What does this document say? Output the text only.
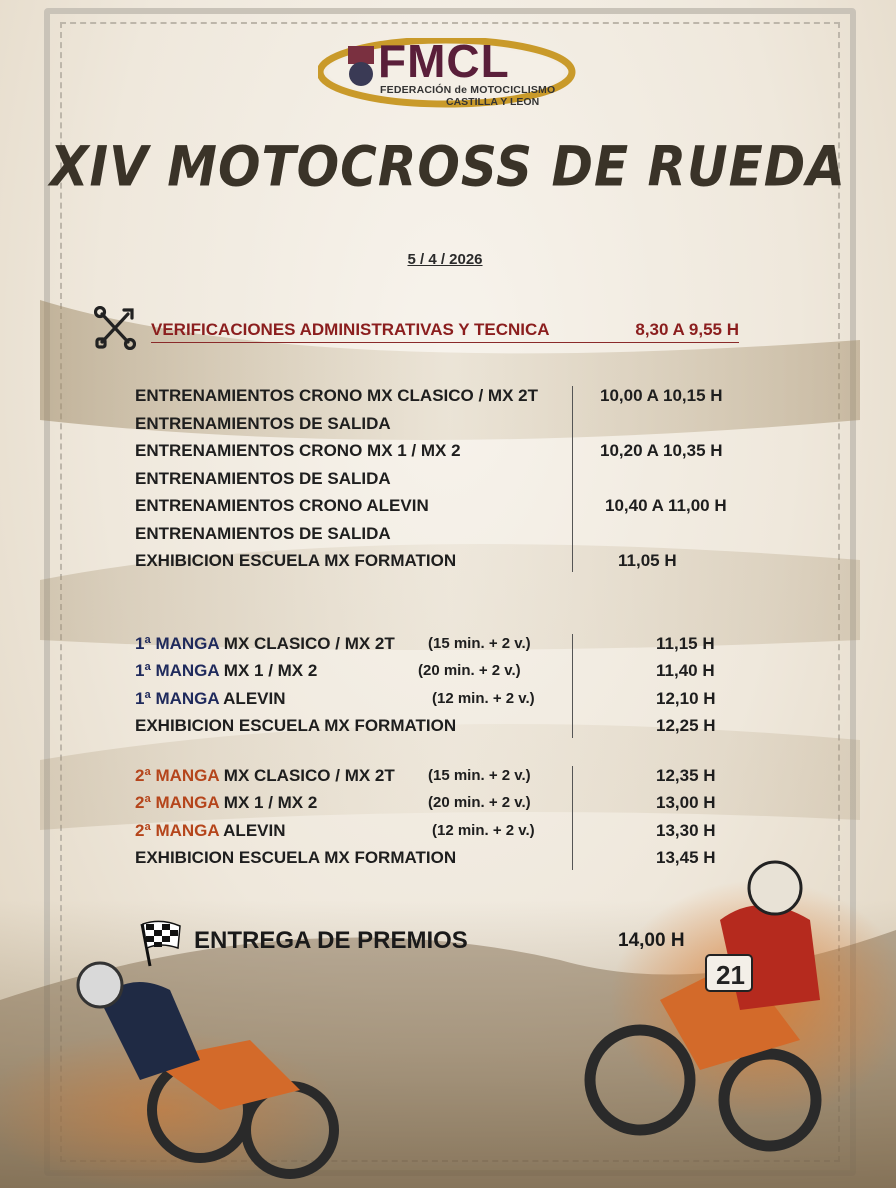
21
FMCL
FEDERACIÓN de MOTOCICLISMO
CASTILLA Y LEON
XIV MOTOCROSS DE RUEDA
5 / 4 / 2026
VERIFICACIONES ADMINISTRATIVAS Y TECNICA	8,30 A 9,55 H
ENTRENAMIENTOS CRONO MX CLASICO / MX 2T	10,00 A 10,15 H
ENTRENAMIENTOS DE SALIDA
ENTRENAMIENTOS CRONO MX 1 / MX 2	10,20 A 10,35 H
ENTRENAMIENTOS DE SALIDA
ENTRENAMIENTOS CRONO ALEVIN	10,40 A 11,00 H
ENTRENAMIENTOS DE SALIDA
EXHIBICION ESCUELA MX FORMATION	11,05 H
1ª MANGA MX CLASICO / MX 2T (15 min. + 2 v.)	11,15 H
1ª MANGA MX 1 / MX 2	(20 min. + 2 v.)	11,40 H
1ª MANGA ALEVIN	(12 min. + 2 v.)	12,10 H
EXHIBICION ESCUELA MX FORMATION	12,25 H
2ª MANGA MX CLASICO / MX 2T (15 min. + 2 v.)	12,35 H
2ª MANGA MX 1 / MX 2	(20 min. + 2 v.)	13,00 H
2ª MANGA ALEVIN	(12 min. + 2 v.)	13,30 H
EXHIBICION ESCUELA MX FORMATION	13,45 H
ENTREGA DE PREMIOS	14,00 H
